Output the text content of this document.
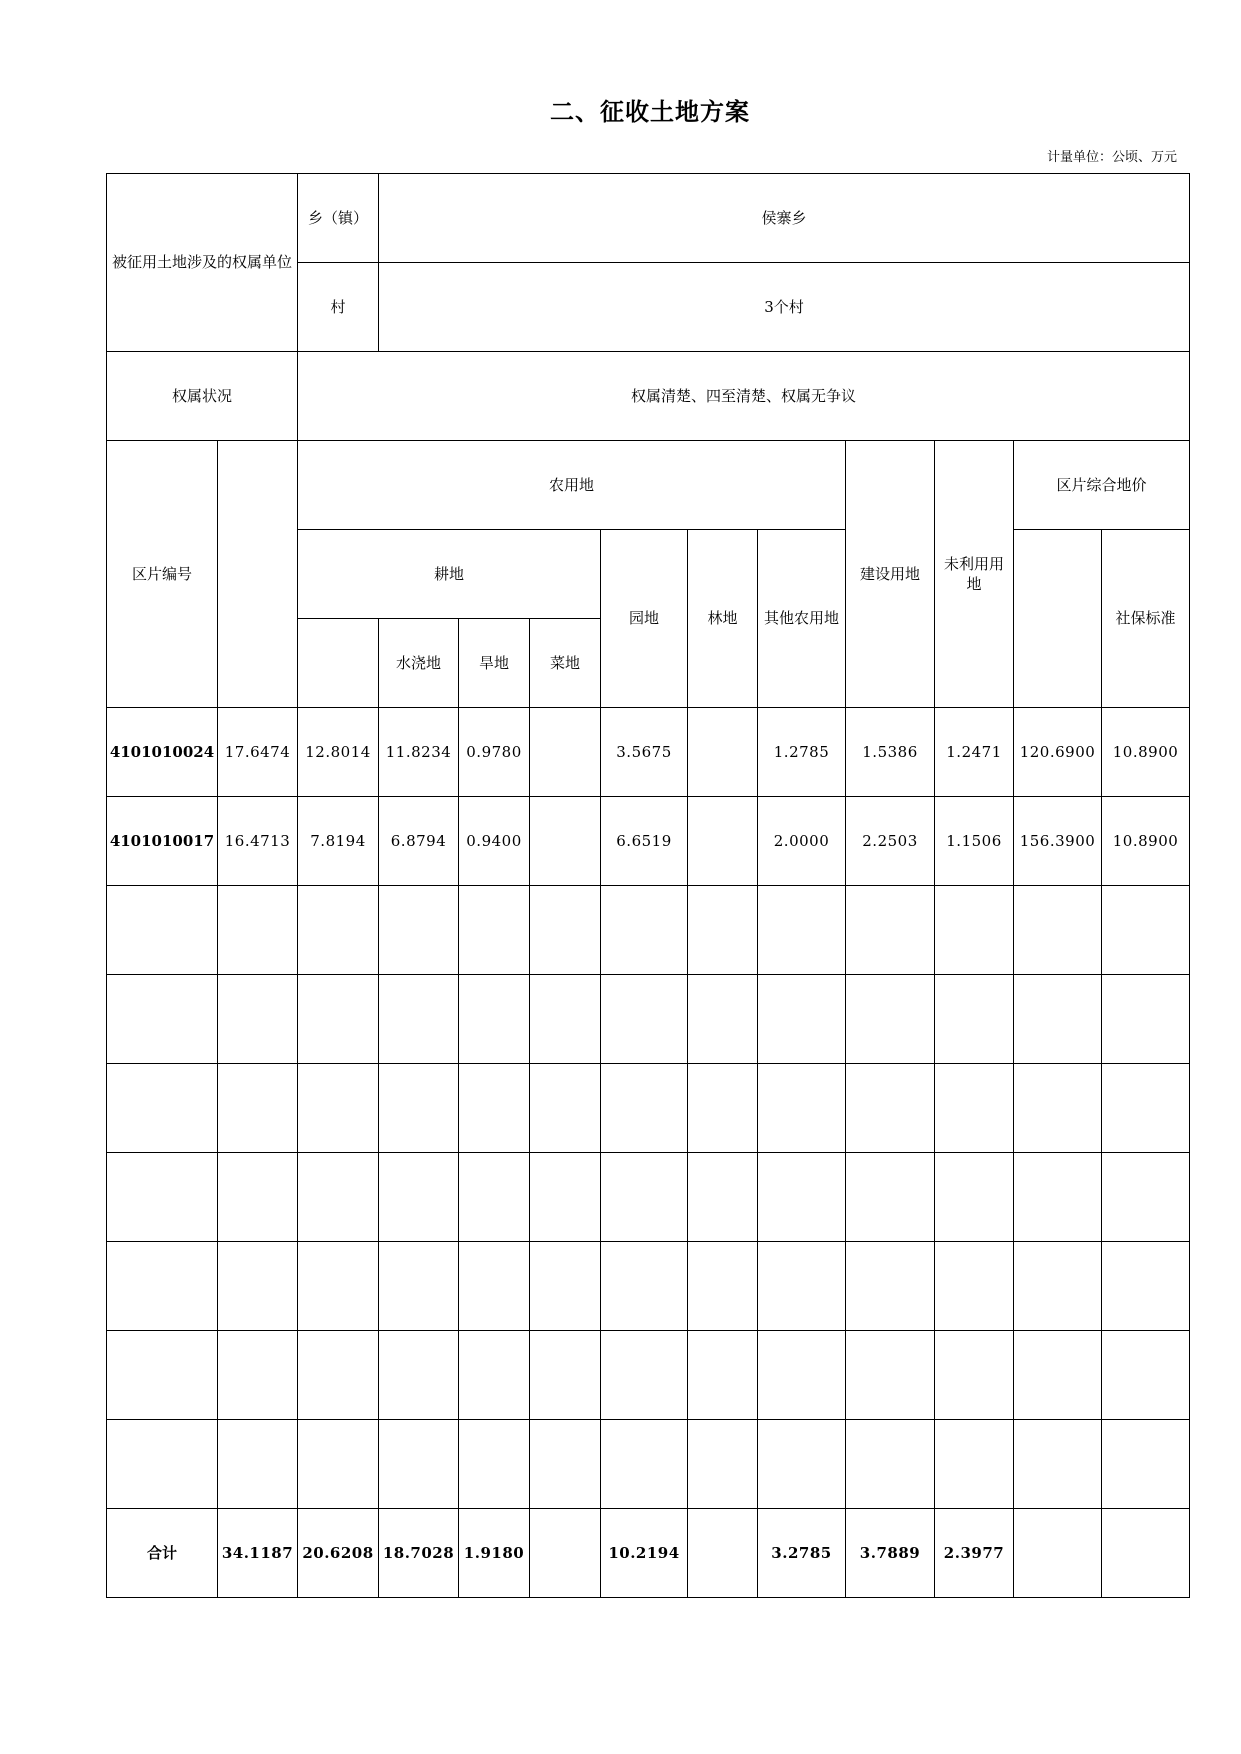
二、征收土地方案
计量单位：公顷、万元
被征用土地涉及的权属单位		乡（镇）	侯寨乡									
		村	3个村									
权属状况		权属清楚、四至清楚、权属无争议										
区片编号		农用地							建设用地	未利用用地	区片综合地价	
		耕地				园地	林地	其他农用地				社保标准
			水浇地	旱地	菜地							
4101010024	17.6474	12.8014	11.8234	0.9780		3.5675		1.2785	1.5386	1.2471	120.6900	10.8900
4101010017	16.4713	7.8194	6.8794	0.9400		6.6519		2.0000	2.2503	1.1506	156.3900	10.8900

合计	34.1187	20.6208	18.7028	1.9180		10.2194		3.2785	3.7889	2.3977		
